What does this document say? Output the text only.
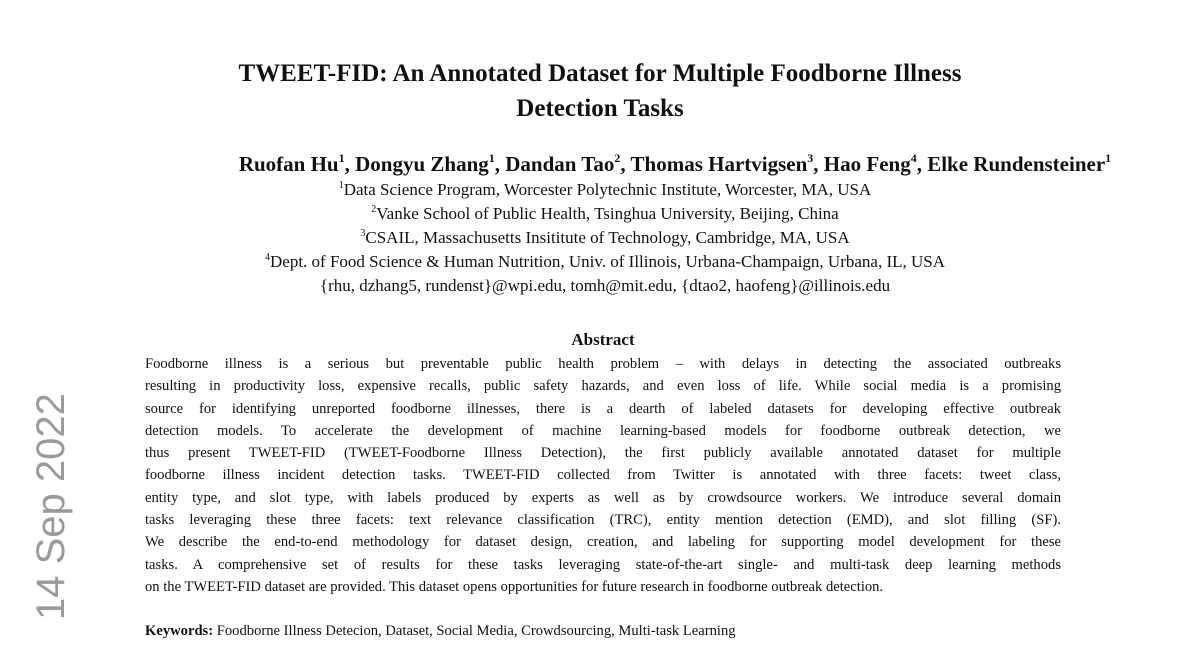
TWEET-FID: An Annotated Dataset for Multiple Foodborne Illness
Detection Tasks
Ruofan Hu$^1$, Dongyu Zhang$^1$, Dandan Tao$^2$, Thomas Hartvigsen$^3$, Hao Feng$^4$, Elke Rundensteiner$^1$
$^1$Data Science Program, Worcester Polytechnic Institute, Worcester, MA, USA
$^2$Vanke School of Public Health, Tsinghua University, Beijing, China
$^3$CSAIL, Massachusetts Insititute of Technology, Cambridge, MA, USA
$^4$Dept. of Food Science & Human Nutrition, Univ. of Illinois, Urbana-Champaign, Urbana, IL, USA
{rhu, dzhang5, rundenst}@wpi.edu, tomh@mit.edu, {dtao2, haofeng}@illinois.edu
Abstract
Foodborne illness is a serious but preventable public health problem – with delays in detecting the associated outbreaks
resulting in productivity loss, expensive recalls, public safety hazards, and even loss of life. While social media is a promising
source for identifying unreported foodborne illnesses, there is a dearth of labeled datasets for developing effective outbreak
detection models. To accelerate the development of machine learning-based models for foodborne outbreak detection, we
thus present TWEET-FID (TWEET-Foodborne Illness Detection), the first publicly available annotated dataset for multiple
foodborne illness incident detection tasks. TWEET-FID collected from Twitter is annotated with three facets: tweet class,
entity type, and slot type, with labels produced by experts as well as by crowdsource workers. We introduce several domain
tasks leveraging these three facets: text relevance classification (TRC), entity mention detection (EMD), and slot filling (SF).
We describe the end-to-end methodology for dataset design, creation, and labeling for supporting model development for these
tasks. A comprehensive set of results for these tasks leveraging state-of-the-art single- and multi-task deep learning methods
on the TWEET-FID dataset are provided. This dataset opens opportunities for future research in foodborne outbreak detection.
Keywords: Foodborne Illness Detecion, Dataset, Social Media, Crowdsourcing, Multi-task Learning
14 Sep 2022
